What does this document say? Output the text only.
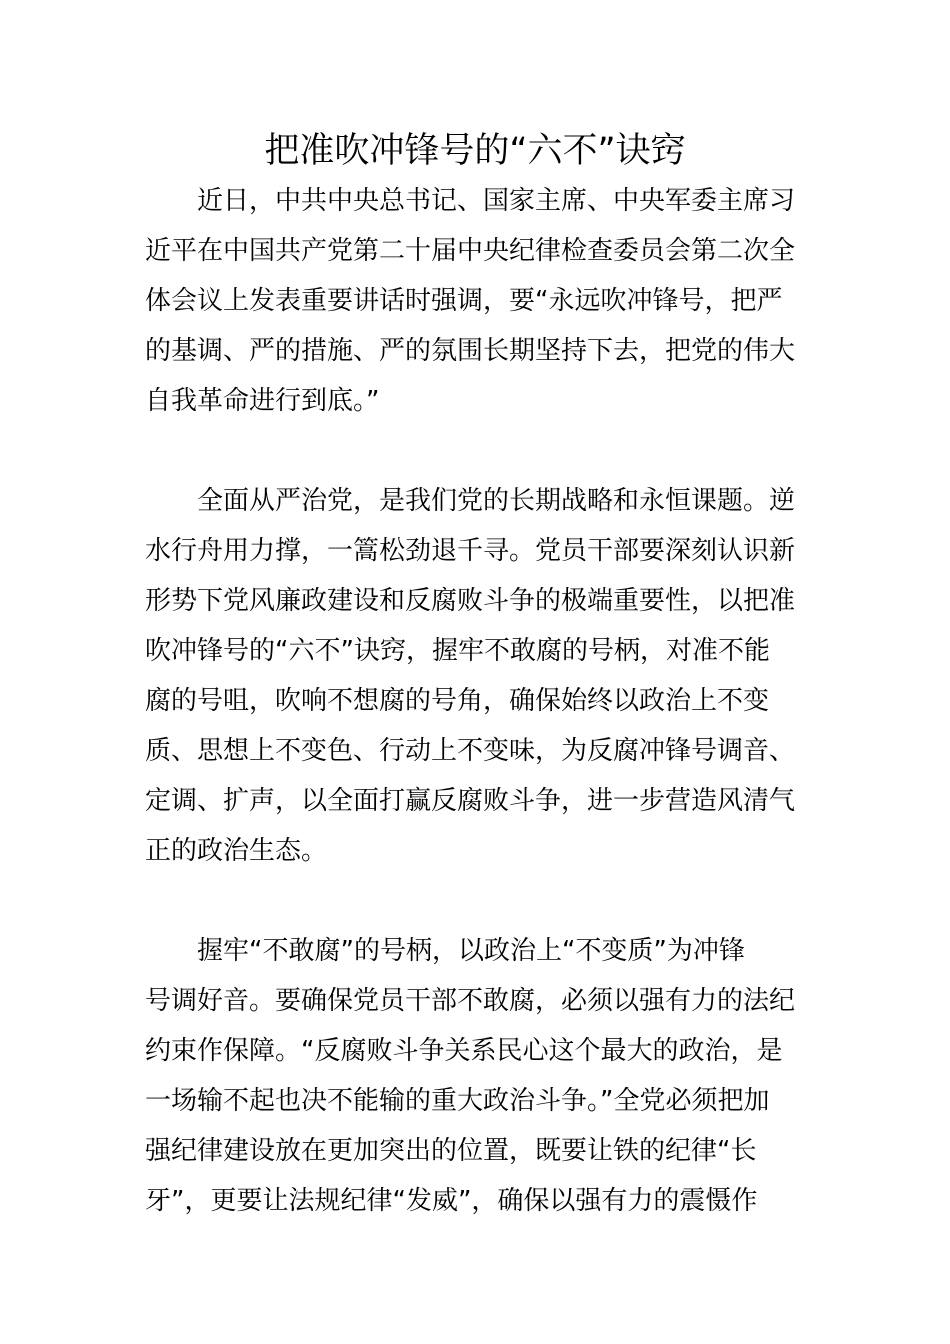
把准吹冲锋号的“六不”诀窍

近日，中共中央总书记、国家主席、中央军委主席习
近平在中国共产党第二十届中央纪律检查委员会第二次全
体会议上发表重要讲话时强调，要“永远吹冲锋号，把严
的基调、严的措施、严的氛围长期坚持下去，把党的伟大
自我革命进行到底。”

全面从严治党，是我们党的长期战略和永恒课题。逆
水行舟用力撑，一篙松劲退千寻。党员干部要深刻认识新
形势下党风廉政建设和反腐败斗争的极端重要性，以把准
吹冲锋号的“六不”诀窍，握牢不敢腐的号柄，对准不能
腐的号咀，吹响不想腐的号角，确保始终以政治上不变
质、思想上不变色、行动上不变味，为反腐冲锋号调音、
定调、扩声，以全面打赢反腐败斗争，进一步营造风清气
正的政治生态。

握牢“不敢腐”的号柄，以政治上“不变质”为冲锋
号调好音。要确保党员干部不敢腐，必须以强有力的法纪
约束作保障。“反腐败斗争关系民心这个最大的政治，是
一场输不起也决不能输的重大政治斗争。”全党必须把加
强纪律建设放在更加突出的位置，既要让铁的纪律“长
牙”，更要让法规纪律“发威”，确保以强有力的震慑作
